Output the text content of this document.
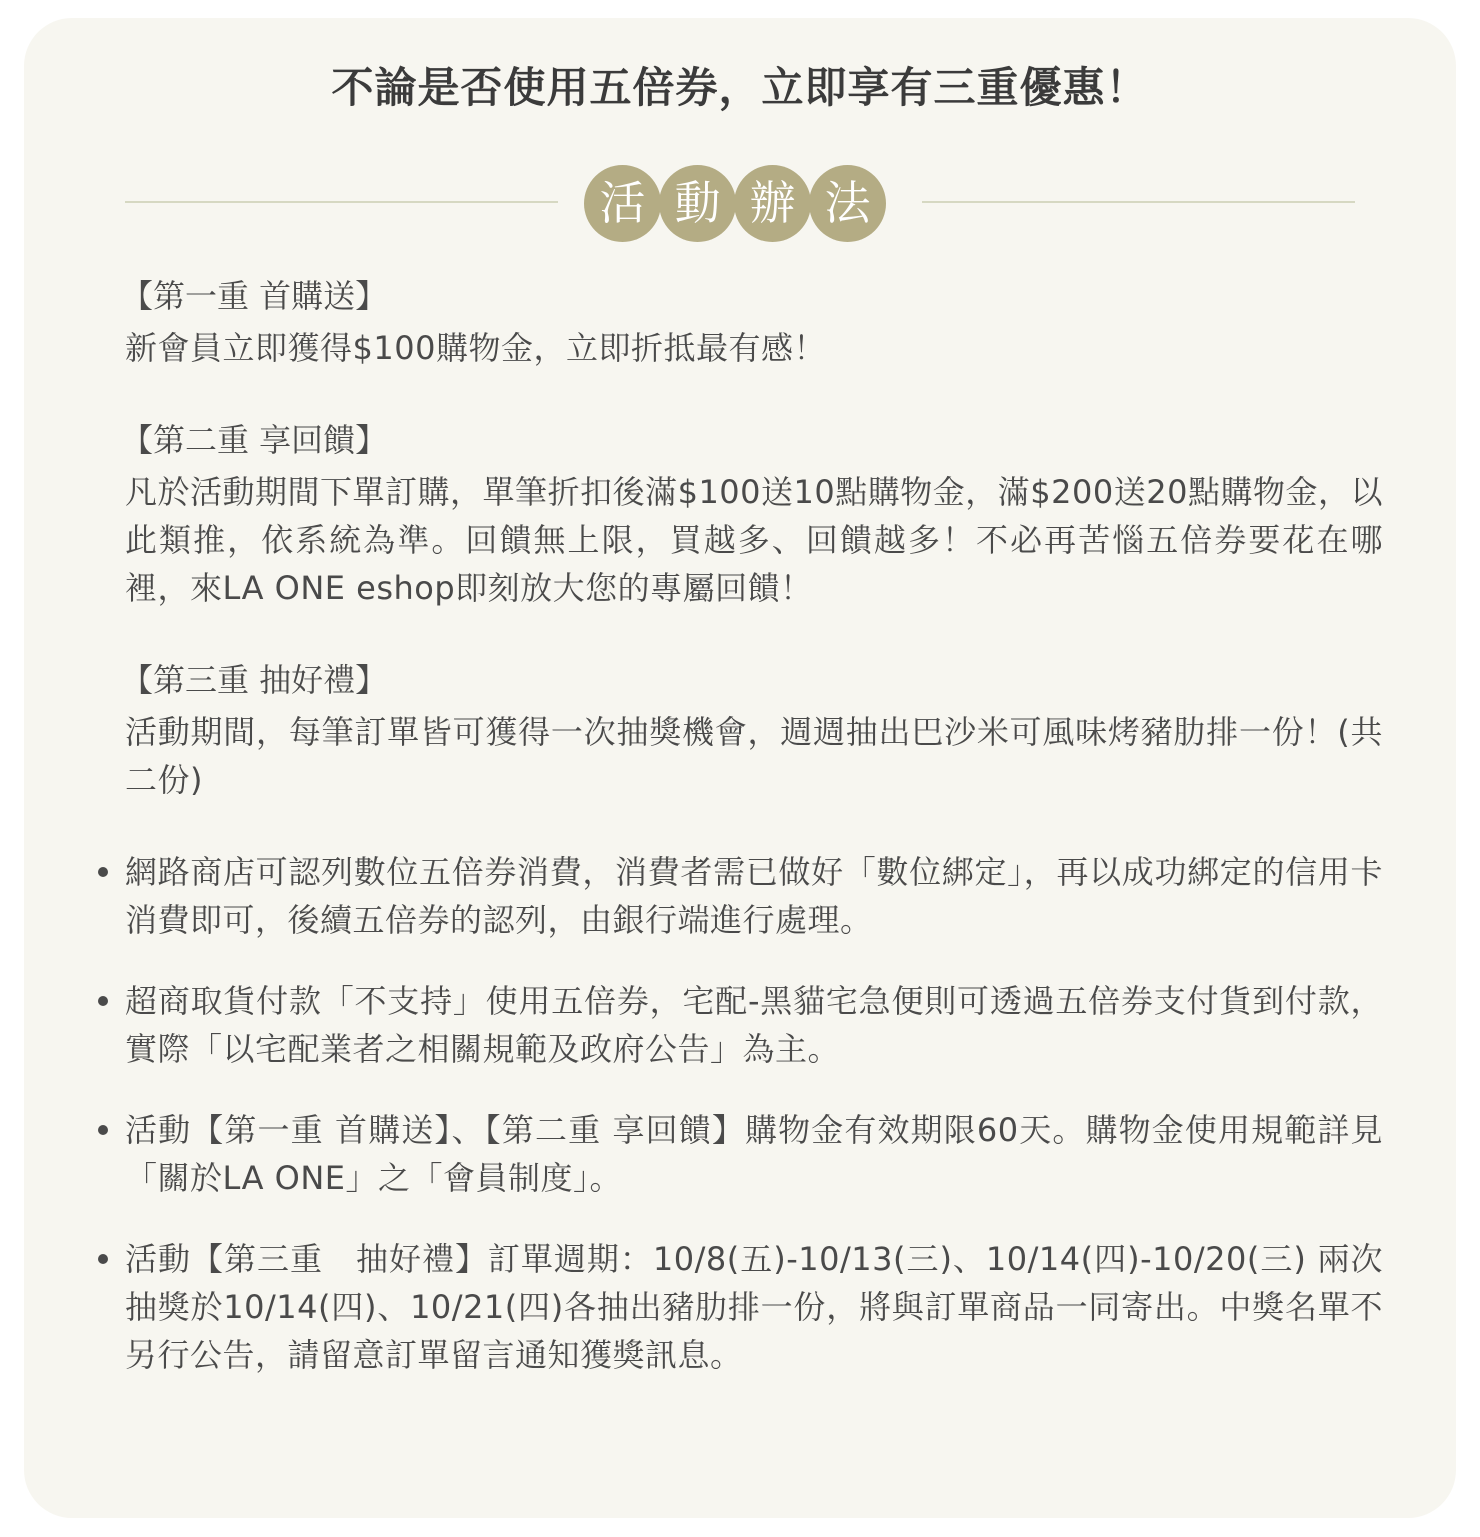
不論是否使用五倍券，立即享有三重優惠！
活 動 辦 法
【第一重 首購送】
新會員立即獲得$100購物金，立即折抵最有感！
【第二重 享回饋】
凡於活動期間下單訂購，單筆折扣後滿$100送10點購物金，滿$200送20點購物金，以此類推，依系統為準。回饋無上限，買越多、回饋越多！不必再苦惱五倍券要花在哪裡，來LA ONE eshop即刻放大您的專屬回饋！
【第三重 抽好禮】
活動期間，每筆訂單皆可獲得一次抽獎機會，週週抽出巴沙米可風味烤豬肋排一份！(共二份)
網路商店可認列數位五倍券消費，消費者需已做好「數位綁定」，再以成功綁定的信用卡消費即可，後續五倍券的認列，由銀行端進行處理。
超商取貨付款「不支持」使用五倍券，宅配-黑貓宅急便則可透過五倍券支付貨到付款，實際「以宅配業者之相關規範及政府公告」為主。
活動【第一重 首購送】、【第二重 享回饋】購物金有效期限60天。購物金使用規範詳見「關於LA ONE」之「會員制度」。
活動【第三重　抽好禮】訂單週期：10/8(五)-10/13(三)、10/14(四)-10/20(三) 兩次抽獎於10/14(四)、10/21(四)各抽出豬肋排一份，將與訂單商品一同寄出。中獎名單不另行公告，請留意訂單留言通知獲獎訊息。
